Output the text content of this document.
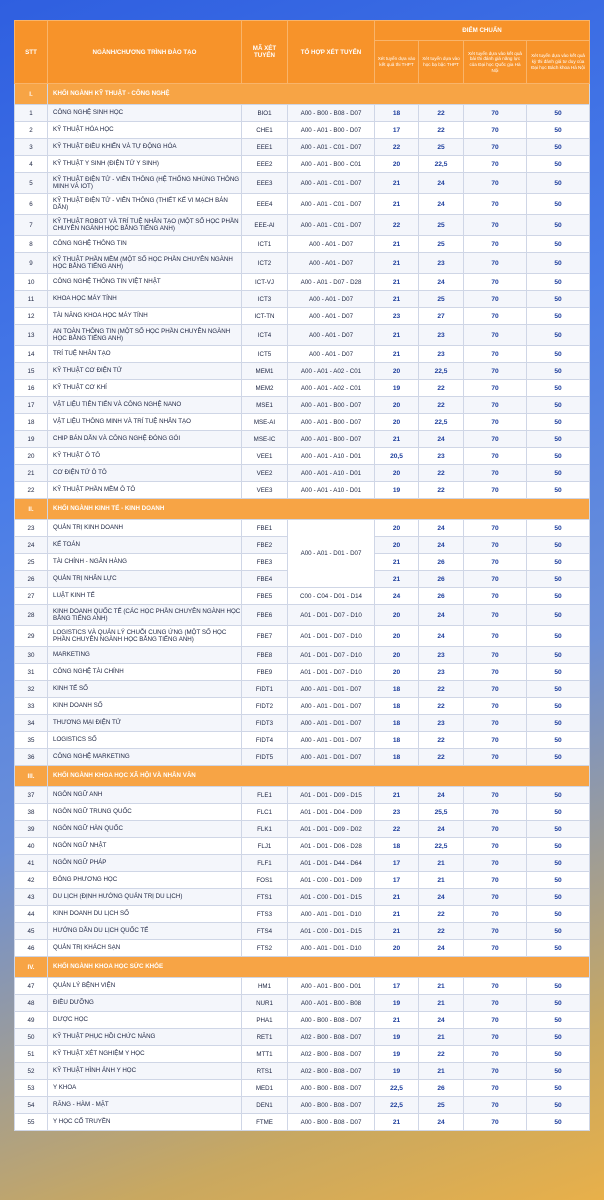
STT	NGÀNH/CHƯƠNG TRÌNH ĐÀO TẠO	MÃ XÉT TUYỂN	TỔ HỢP XÉT TUYỂN	ĐIỂM CHUẨN			
				Xét tuyển dựa vào kết quả thi THPT	Xét tuyển dựa vào học bạ bậc THPT	Xét tuyển dựa vào kết quả bài thi đánh giá năng lực của Đại học Quốc gia Hà Nội	Xét tuyển dựa vào kết quả kỳ thi đánh giá tư duy của Đại học Bách khoa Hà Nội
I.	KHỐI NGÀNH KỸ THUẬT - CÔNG NGHỆ						
1	CÔNG NGHỆ SINH HỌC	BIO1	A00 - B00 - B08 - D07	18	22	70	50
2	KỸ THUẬT HÓA HỌC	CHE1	A00 - A01 - B00 - D07	17	22	70	50
3	KỸ THUẬT ĐIỀU KHIỂN VÀ TỰ ĐỘNG HÓA	EEE1	A00 - A01 - C01 - D07	22	25	70	50
4	KỸ THUẬT Y SINH (ĐIỆN TỬ Y SINH)	EEE2	A00 - A01 - B00 - C01	20	22,5	70	50
5	KỸ THUẬT ĐIỆN TỬ - VIỄN THÔNG (HỆ THỐNG NHÚNG THÔNG MINH VÀ IOT)	EEE3	A00 - A01 - C01 - D07	21	24	70	50
6	KỸ THUẬT ĐIỆN TỬ - VIỄN THÔNG (THIẾT KẾ VI MẠCH BÁN DẪN)	EEE4	A00 - A01 - C01 - D07	21	24	70	50
7	KỸ THUẬT ROBOT VÀ TRÍ TUỆ NHÂN TẠO (MỘT SỐ HỌC PHẦN CHUYÊN NGÀNH HỌC BẰNG TIẾNG ANH)	EEE-AI	A00 - A01 - C01 - D07	22	25	70	50
8	CÔNG NGHỆ THÔNG TIN	ICT1	A00 - A01 - D07	21	25	70	50
9	KỸ THUẬT PHẦN MỀM (MỘT SỐ HỌC PHẦN CHUYÊN NGÀNH HỌC BẰNG TIẾNG ANH)	ICT2	A00 - A01 - D07	21	23	70	50
10	CÔNG NGHỆ THÔNG TIN VIỆT NHẬT	ICT-VJ	A00 - A01 - D07 - D28	21	24	70	50
11	KHOA HỌC MÁY TÍNH	ICT3	A00 - A01 - D07	21	25	70	50
12	TÀI NĂNG KHOA HỌC MÁY TÍNH	ICT-TN	A00 - A01 - D07	23	27	70	50
13	AN TOÀN THÔNG TIN (MỘT SỐ HỌC PHẦN CHUYÊN NGÀNH HỌC BẰNG TIẾNG ANH)	ICT4	A00 - A01 - D07	21	23	70	50
14	TRÍ TUỆ NHÂN TẠO	ICT5	A00 - A01 - D07	21	23	70	50
15	KỸ THUẬT CƠ ĐIỆN TỬ	MEM1	A00 - A01 - A02 - C01	20	22,5	70	50
16	KỸ THUẬT CƠ KHÍ	MEM2	A00 - A01 - A02 - C01	19	22	70	50
17	VẬT LIỆU TIÊN TIẾN VÀ CÔNG NGHỆ NANO	MSE1	A00 - A01 - B00 - D07	20	22	70	50
18	VẬT LIỆU THÔNG MINH VÀ TRÍ TUỆ NHÂN TẠO	MSE-AI	A00 - A01 - B00 - D07	20	22,5	70	50
19	CHIP BÁN DẪN VÀ CÔNG NGHỆ ĐÓNG GÓI	MSE-IC	A00 - A01 - B00 - D07	21	24	70	50
20	KỸ THUẬT Ô TÔ	VEE1	A00 - A01 - A10 - D01	20,5	23	70	50
21	CƠ ĐIỆN TỬ Ô TÔ	VEE2	A00 - A01 - A10 - D01	20	22	70	50
22	KỸ THUẬT PHẦN MỀM Ô TÔ	VEE3	A00 - A01 - A10 - D01	19	22	70	50
II.	KHỐI NGÀNH KINH TẾ - KINH DOANH						
23	QUẢN TRỊ KINH DOANH	FBE1	A00 - A01 - D01 - D07	20	24	70	50
24	KẾ TOÁN	FBE2		20	24	70	50
25	TÀI CHÍNH - NGÂN HÀNG	FBE3		21	26	70	50
26	QUẢN TRỊ NHÂN LỰC	FBE4		21	26	70	50
27	LUẬT KINH TẾ	FBE5	C00 - C04 - D01 - D14	24	26	70	50
28	KINH DOANH QUỐC TẾ (CÁC HỌC PHẦN CHUYÊN NGÀNH HỌC BẰNG TIẾNG ANH)	FBE6	A01 - D01 - D07 - D10	20	24	70	50
29	LOGISTICS VÀ QUẢN LÝ CHUỖI CUNG ỨNG (MỘT SỐ HỌC PHẦN CHUYÊN NGÀNH HỌC BẰNG TIẾNG ANH)	FBE7	A01 - D01 - D07 - D10	20	24	70	50
30	MARKETING	FBE8	A01 - D01 - D07 - D10	20	23	70	50
31	CÔNG NGHỆ TÀI CHÍNH	FBE9	A01 - D01 - D07 - D10	20	23	70	50
32	KINH TẾ SỐ	FIDT1	A00 - A01 - D01 - D07	18	22	70	50
33	KINH DOANH SỐ	FIDT2	A00 - A01 - D01 - D07	18	22	70	50
34	THƯƠNG MẠI ĐIỆN TỬ	FIDT3	A00 - A01 - D01 - D07	18	23	70	50
35	LOGISTICS SỐ	FIDT4	A00 - A01 - D01 - D07	18	22	70	50
36	CÔNG NGHỆ MARKETING	FIDT5	A00 - A01 - D01 - D07	18	22	70	50
III.	KHỐI NGÀNH KHOA HỌC XÃ HỘI VÀ NHÂN VĂN						
37	NGÔN NGỮ ANH	FLE1	A01 - D01 - D09 - D15	21	24	70	50
38	NGÔN NGỮ TRUNG QUỐC	FLC1	A01 - D01 - D04 - D09	23	25,5	70	50
39	NGÔN NGỮ HÀN QUỐC	FLK1	A01 - D01 - D09 - D02	22	24	70	50
40	NGÔN NGỮ NHẬT	FLJ1	A01 - D01 - D06 - D28	18	22,5	70	50
41	NGÔN NGỮ PHÁP	FLF1	A01 - D01 - D44 - D64	17	21	70	50
42	ĐÔNG PHƯƠNG HỌC	FOS1	A01 - C00 - D01 - D09	17	21	70	50
43	DU LỊCH (ĐỊNH HƯỚNG QUẢN TRỊ DU LỊCH)	FTS1	A01 - C00 - D01 - D15	21	24	70	50
44	KINH DOANH DU LỊCH SỐ	FTS3	A00 - A01 - D01 - D10	21	22	70	50
45	HƯỚNG DẪN DU LỊCH QUỐC TẾ	FTS4	A01 - C00 - D01 - D15	21	22	70	50
46	QUẢN TRỊ KHÁCH SẠN	FTS2	A00 - A01 - D01 - D10	20	24	70	50
IV.	KHỐI NGÀNH KHOA HỌC SỨC KHỎE						
47	QUẢN LÝ BỆNH VIỆN	HM1	A00 - A01 - B00 - D01	17	21	70	50
48	ĐIỀU DƯỠNG	NUR1	A00 - A01 - B00 - B08	19	21	70	50
49	DƯỢC HỌC	PHA1	A00 - B00 - B08 - D07	21	24	70	50
50	KỸ THUẬT PHỤC HỒI CHỨC NĂNG	RET1	A02 - B00 - B08 - D07	19	21	70	50
51	KỸ THUẬT XÉT NGHIỆM Y HỌC	MTT1	A02 - B00 - B08 - D07	19	22	70	50
52	KỸ THUẬT HÌNH ẢNH Y HỌC	RTS1	A02 - B00 - B08 - D07	19	21	70	50
53	Y KHOA	MED1	A00 - B00 - B08 - D07	22,5	26	70	50
54	RĂNG - HÀM - MẶT	DEN1	A00 - B00 - B08 - D07	22,5	25	70	50
55	Y HỌC CỔ TRUYỀN	FTME	A00 - B00 - B08 - D07	21	24	70	50
